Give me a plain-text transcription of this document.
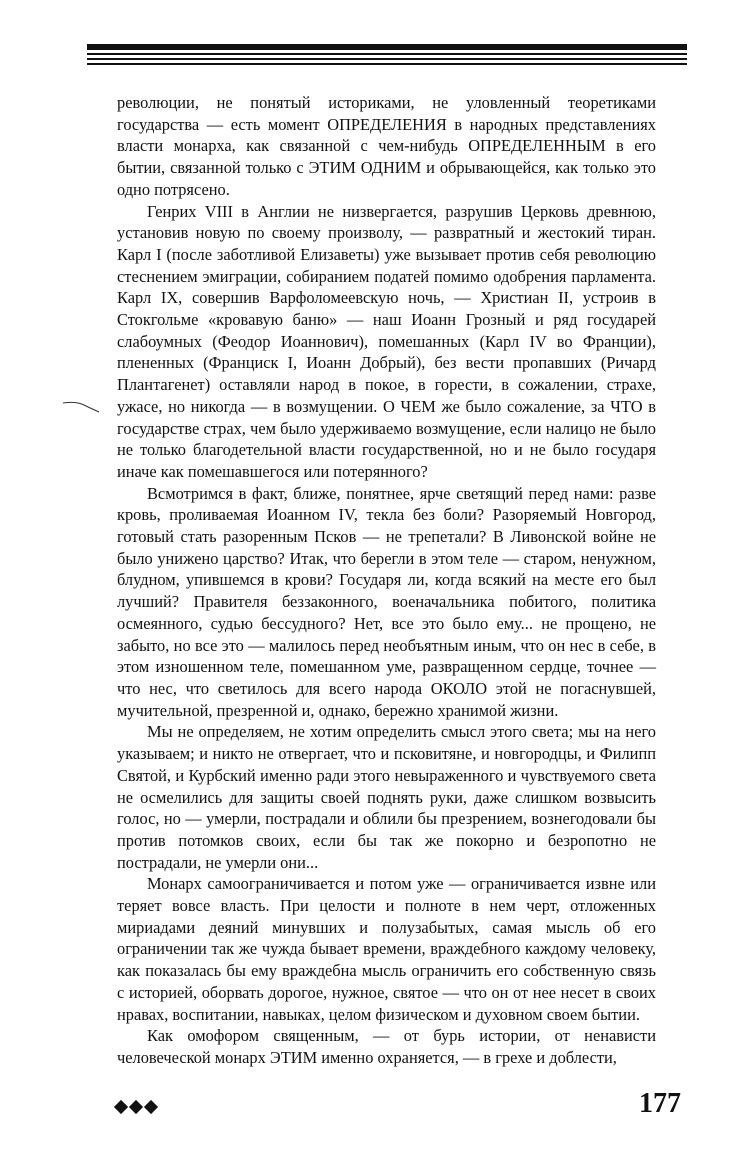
революции, не понятый историками, не уловленный теоретиками государства — есть момент ОПРЕДЕЛЕНИЯ в народных представлениях власти монарха, как связанной с чем-нибудь ОПРЕДЕЛЕННЫМ в его бытии, связанной только с ЭТИМ ОДНИМ и обрывающейся, как только это одно потрясено.

Генрих VIII в Англии не низвергается, разрушив Церковь древнюю, установив новую по своему произволу, — развратный и жестокий тиран. Карл I (после заботливой Елизаветы) уже вызывает против себя революцию стеснением эмиграции, собиранием податей помимо одобрения парламента. Карл IX, совершив Варфоломеевскую ночь, — Христиан II, устроив в Стокгольме «кровавую баню» — наш Иоанн Грозный и ряд государей слабоумных (Феодор Иоаннович), помешанных (Карл IV во Франции), плененных (Франциск I, Иоанн Добрый), без вести пропавших (Ричард Плантагенет) оставляли народ в покое, в горести, в сожалении, страхе, ужасе, но никогда — в возмущении. О ЧЕМ же было сожаление, за ЧТО в государстве страх, чем было удерживаемо возмущение, если налицо не было не только благодетельной власти государственной, но и не было государя иначе как помешавшегося или потерянного?

Всмотримся в факт, ближе, понятнее, ярче светящий перед нами: разве кровь, проливаемая Иоанном IV, текла без боли? Разоряемый Новгород, готовый стать разоренным Псков — не трепетали? В Ливонской войне не было унижено царство? Итак, что берегли в этом теле — старом, ненужном, блудном, упившемся в крови? Государя ли, когда всякий на месте его был лучший? Правителя беззаконного, военачальника побитого, политика осмеянного, судью бессудного? Нет, все это было ему... не прощено, не забыто, но все это — малилось перед необъятным иным, что он нес в себе, в этом изношенном теле, помешанном уме, развращенном сердце, точнее — что нес, что светилось для всего народа ОКОЛО этой не погаснувшей, мучительной, презренной и, однако, бережно хранимой жизни.

Мы не определяем, не хотим определить смысл этого света; мы на него указываем; и никто не отвергает, что и псковитяне, и новгородцы, и Филипп Святой, и Курбский именно ради этого невыраженного и чувствуемого света не осмелились для защиты своей поднять руки, даже слишком возвысить голос, но — умерли, пострадали и облили бы презрением, вознегодовали бы против потомков своих, если бы так же покорно и безропотно не пострадали, не умерли они...

Монарх самоограничивается и потом уже — ограничивается извне или теряет вовсе власть. При целости и полноте в нем черт, отложенных мириадами деяний минувших и полузабытых, самая мысль об его ограничении так же чужда бывает времени, враждебного каждому человеку, как показалась бы ему враждебна мысль ограничить его собственную связь с историей, оборвать дорогое, нужное, святое — что он от нее несет в своих нравах, воспитании, навыках, целом физическом и духовном своем бытии.

Как омофором священным, — от бурь истории, от ненависти человеческой монарх ЭТИМ именно охраняется, — в грехе и доблести,

177
